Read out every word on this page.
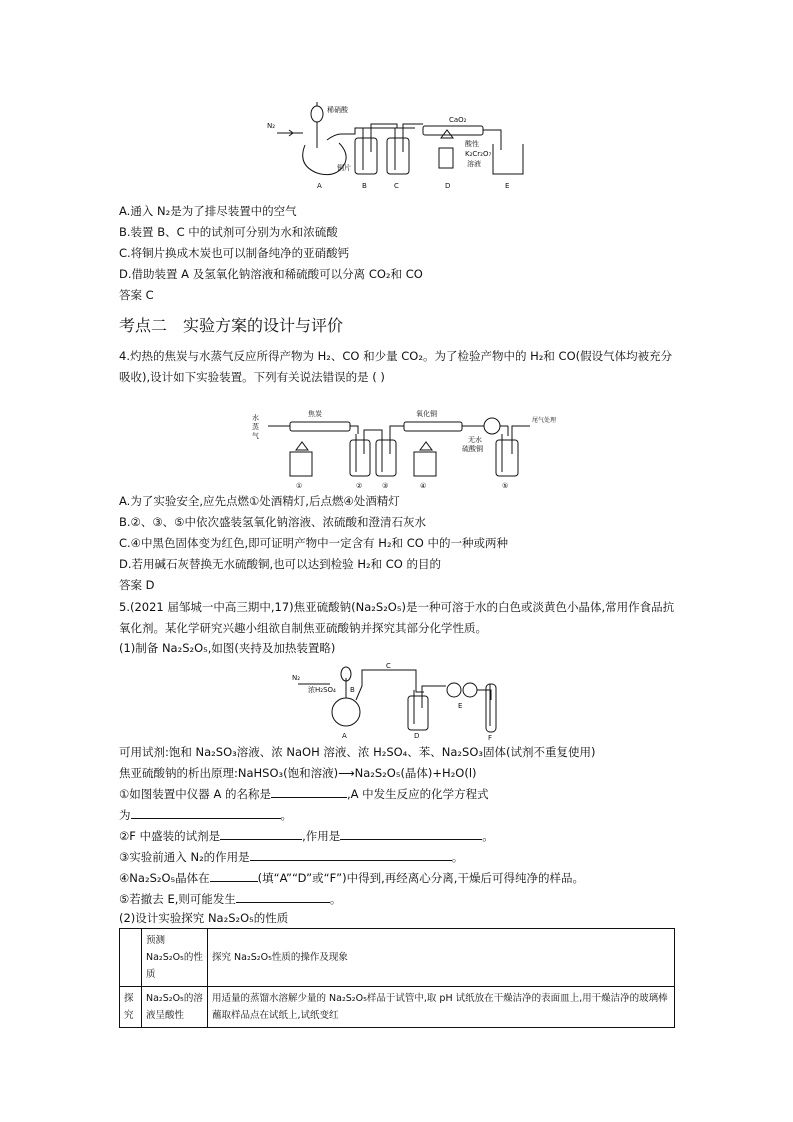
N₂
稀硝酸
铜片
CaO₂
酸性
K₂Cr₂O₇
溶液
A	B	C	D	E
A.通入 N₂是为了排尽装置中的空气
B.装置 B、C 中的试剂可分别为水和浓硫酸
C.将铜片换成木炭也可以制备纯净的亚硝酸钙
D.借助装置 A 及氢氧化钠溶液和稀硫酸可以分离 CO₂和 CO
答案 C
考点二 实验方案的设计与评价
4.灼热的焦炭与水蒸气反应所得产物为 H₂、CO 和少量 CO₂。为了检验产物中的 H₂和 CO(假设气体均被充分吸收),设计如下实验装置。下列有关说法错误的是 ( )
水
蒸
气
焦炭	氧化铜
无水
硫酸铜
尾气处理
①	②	③	④	⑤
A.为了实验安全,应先点燃①处酒精灯,后点燃④处酒精灯
B.②、③、⑤中依次盛装氢氧化钠溶液、浓硫酸和澄清石灰水
C.④中黑色固体变为红色,即可证明产物中一定含有 H₂和 CO 中的一种或两种
D.若用碱石灰替换无水硫酸铜,也可以达到检验 H₂和 CO 的目的
答案 D
5.(2021 届邹城一中高三期中,17)焦亚硫酸钠(Na₂S₂O₅)是一种可溶于水的白色或淡黄色小晶体,常用作食品抗氧化剂。某化学研究兴趣小组欲自制焦亚硫酸钠并探究其部分化学性质。
(1)制备 Na₂S₂O₅,如图(夹持及加热装置略)
N₂
浓H₂SO₄
C
A
B
D
E
F
可用试剂:饱和 Na₂SO₃溶液、浓 NaOH 溶液、浓 H₂SO₄、苯、Na₂SO₃固体(试剂不重复使用)
焦亚硫酸钠的析出原理:NaHSO₃(饱和溶液)⟶Na₂S₂O₅(晶体)+H₂O(l)
①如图装置中仪器 A 的名称是	,A 中发生反应的化学方程式
为	。
②F 中盛装的试剂是	,作用是	。
③实验前通入 N₂的作用是	。
④Na₂S₂O₅晶体在	(填“A”“D”或“F”)中得到,再经离心分离,干燥后可得纯净的样品。
⑤若撤去 E,则可能发生	。
(2)设计实验探究 Na₂S₂O₅的性质
	预测 Na₂S₂O₅的性质	探究 Na₂S₂O₅性质的操作及现象
探究	Na₂S₂O₅的溶液呈酸性	用适量的蒸馏水溶解少量的 Na₂S₂O₅样品于试管中,取 pH 试纸放在干燥洁净的表面皿上,用干燥洁净的玻璃棒蘸取样品点在试纸上,试纸变红
